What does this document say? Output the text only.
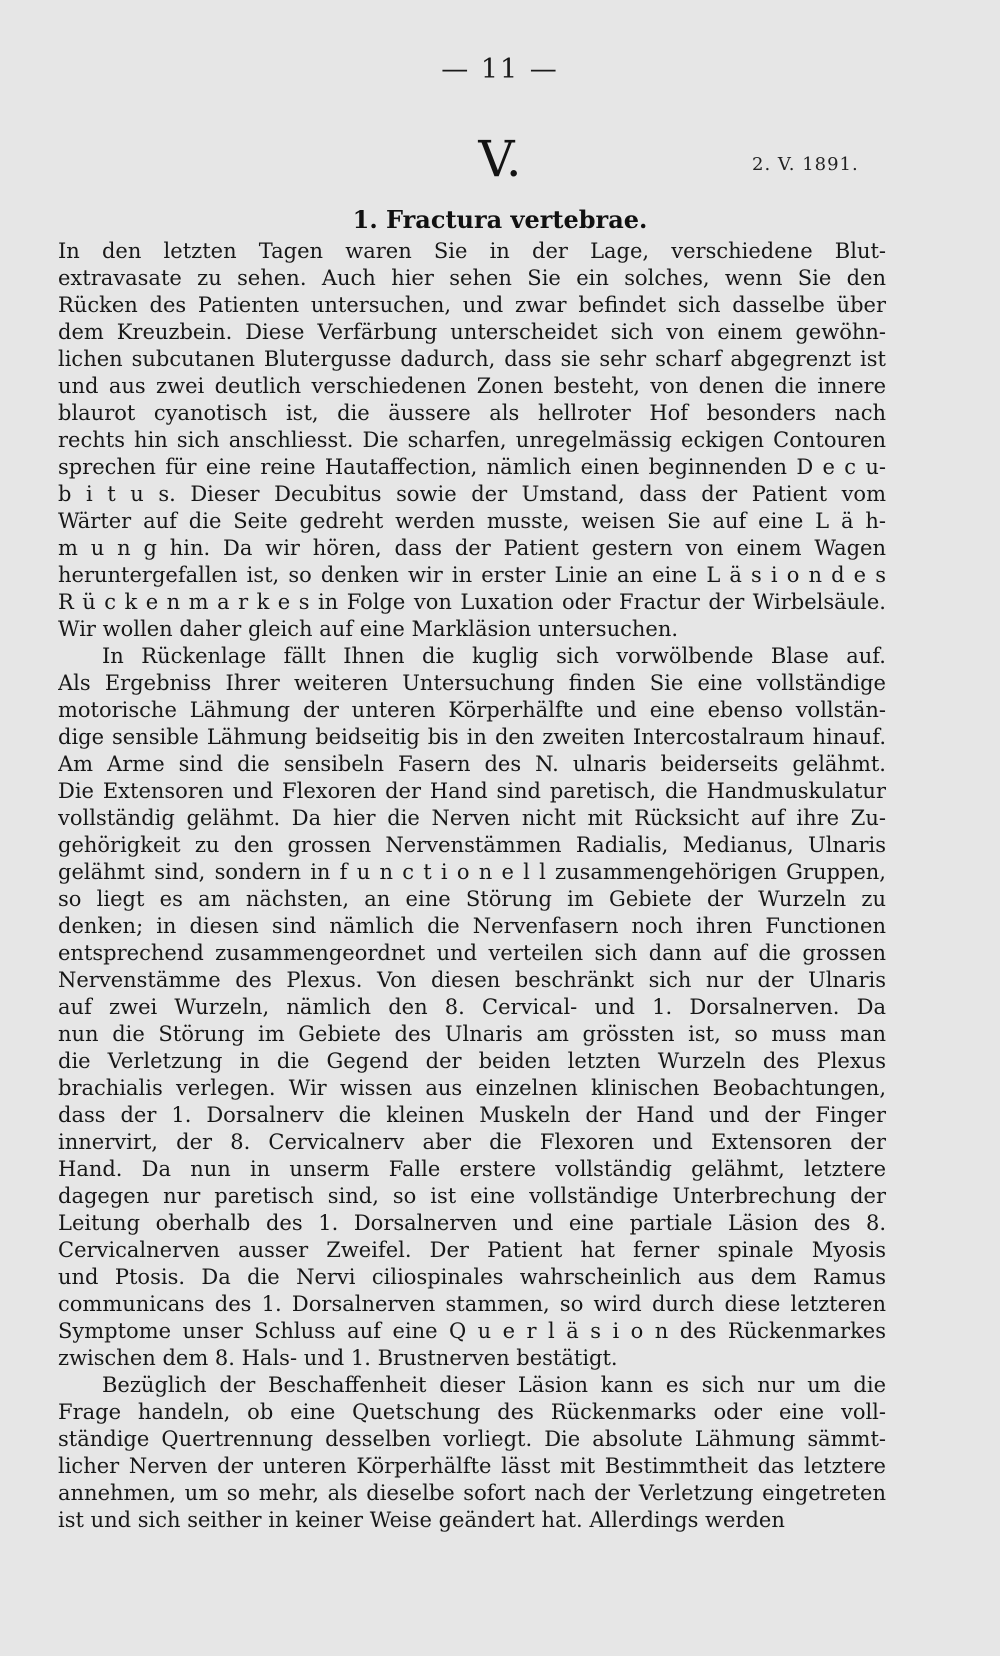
— 11 —
V.	2. V. 1891.
1. Fractura vertebrae.
In den letzten Tagen waren Sie in der Lage, verschiedene Blut-
extravasate zu sehen. Auch hier sehen Sie ein solches, wenn Sie den
Rücken des Patienten untersuchen, und zwar befindet sich dasselbe über
dem Kreuzbein. Diese Verfärbung unterscheidet sich von einem gewöhn-
lichen subcutanen Blutergusse dadurch, dass sie sehr scharf abgegrenzt ist
und aus zwei deutlich verschiedenen Zonen besteht, von denen die innere
blaurot cyanotisch ist, die äussere als hellroter Hof besonders nach
rechts hin sich anschliesst. Die scharfen, unregelmässig eckigen Contouren
sprechen für eine reine Hautaffection, nämlich einen beginnenden D e c u-
b i t u s. Dieser Decubitus sowie der Umstand, dass der Patient vom
Wärter auf die Seite gedreht werden musste, weisen Sie auf eine L ä h-
m u n g hin. Da wir hören, dass der Patient gestern von einem Wagen
heruntergefallen ist, so denken wir in erster Linie an eine L ä s i o n d e s
R ü c k e n m a r k e s in Folge von Luxation oder Fractur der Wirbelsäule.
Wir wollen daher gleich auf eine Markläsion untersuchen.
In Rückenlage fällt Ihnen die kuglig sich vorwölbende Blase auf.
Als Ergebniss Ihrer weiteren Untersuchung finden Sie eine vollständige
motorische Lähmung der unteren Körperhälfte und eine ebenso vollstän-
dige sensible Lähmung beidseitig bis in den zweiten Intercostalraum hinauf.
Am Arme sind die sensibeln Fasern des N. ulnaris beiderseits gelähmt.
Die Extensoren und Flexoren der Hand sind paretisch, die Handmuskulatur
vollständig gelähmt. Da hier die Nerven nicht mit Rücksicht auf ihre Zu-
gehörigkeit zu den grossen Nervenstämmen Radialis, Medianus, Ulnaris
gelähmt sind, sondern in f u n c t i o n e l l zusammengehörigen Gruppen,
so liegt es am nächsten, an eine Störung im Gebiete der Wurzeln zu
denken; in diesen sind nämlich die Nervenfasern noch ihren Functionen
entsprechend zusammengeordnet und verteilen sich dann auf die grossen
Nervenstämme des Plexus. Von diesen beschränkt sich nur der Ulnaris
auf zwei Wurzeln, nämlich den 8. Cervical- und 1. Dorsalnerven. Da
nun die Störung im Gebiete des Ulnaris am grössten ist, so muss man
die Verletzung in die Gegend der beiden letzten Wurzeln des Plexus
brachialis verlegen. Wir wissen aus einzelnen klinischen Beobachtungen,
dass der 1. Dorsalnerv die kleinen Muskeln der Hand und der Finger
innervirt, der 8. Cervicalnerv aber die Flexoren und Extensoren der
Hand. Da nun in unserm Falle erstere vollständig gelähmt, letztere
dagegen nur paretisch sind, so ist eine vollständige Unterbrechung der
Leitung oberhalb des 1. Dorsalnerven und eine partiale Läsion des 8.
Cervicalnerven ausser Zweifel. Der Patient hat ferner spinale Myosis
und Ptosis. Da die Nervi ciliospinales wahrscheinlich aus dem Ramus
communicans des 1. Dorsalnerven stammen, so wird durch diese letzteren
Symptome unser Schluss auf eine Q u e r l ä s i o n des Rückenmarkes
zwischen dem 8. Hals- und 1. Brustnerven bestätigt.
Bezüglich der Beschaffenheit dieser Läsion kann es sich nur um die
Frage handeln, ob eine Quetschung des Rückenmarks oder eine voll-
ständige Quertrennung desselben vorliegt. Die absolute Lähmung sämmt-
licher Nerven der unteren Körperhälfte lässt mit Bestimmtheit das letztere
annehmen, um so mehr, als dieselbe sofort nach der Verletzung eingetreten
ist und sich seither in keiner Weise geändert hat. Allerdings werden
